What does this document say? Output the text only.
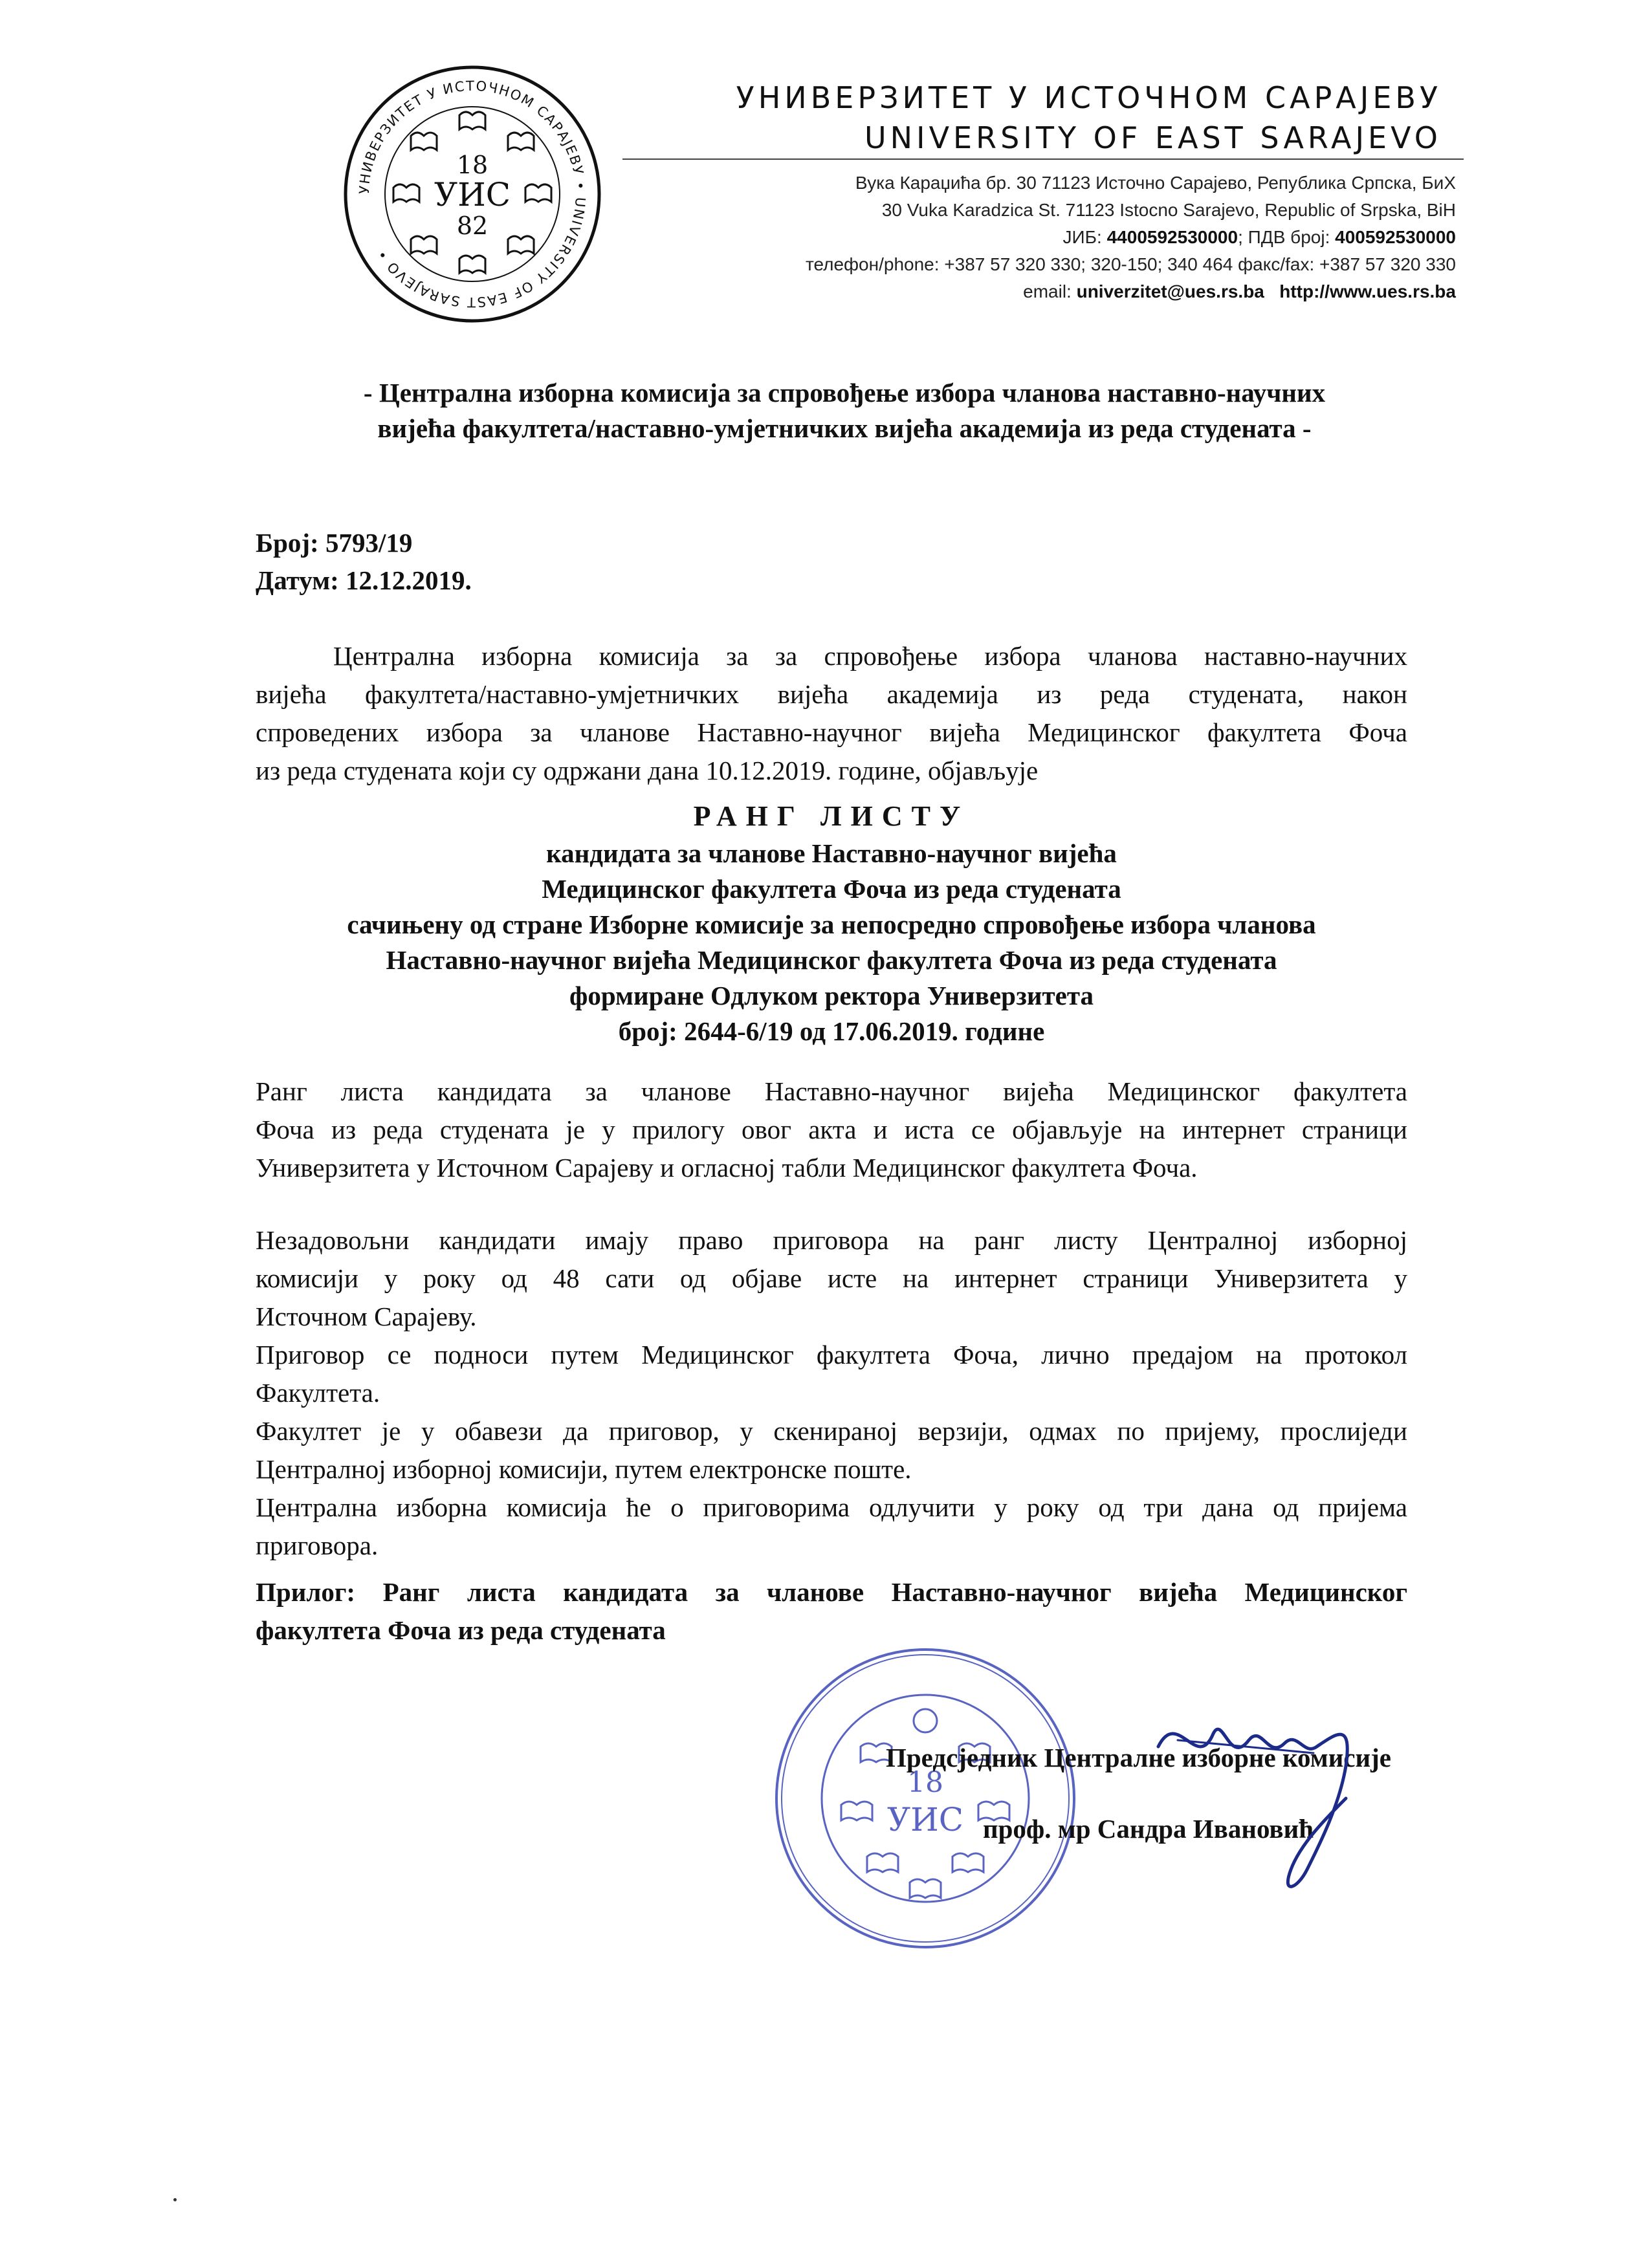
УНИВЕРЗИТЕТ У ИСТОЧНОМ САРАЈЕВУ • UNIVERSITY OF EAST SARAJEVO •
18
УИС
82
УНИВЕРЗИТЕТ У ИСТОЧНОМ САРАЈЕВУ
UNIVERSITY OF EAST SARAJEVO
Вука Караџића бр. 30 71123 Источно Сарајево, Република Српска, БиХ
30 Vuka Karadzica St. 71123 Istocno Sarajevo, Republic of Srpska, BiH
ЈИБ: 4400592530000; ПДВ број: 400592530000
телефон/phone: +387 57 320 330; 320-150; 340 464 факс/fax: +387 57 320 330
email: univerzitet@ues.rs.ba http://www.ues.rs.ba
- Централна изборна комисија за спровођење избора чланова наставно-научних
вијећа факултета/наставно-умјетничких вијећа академија из реда студената -
Број: 5793/19
Датум: 12.12.2019.
Централна изборна комисија за за спровођење избора чланова наставно-научних
вијећа факултета/наставно-умјетничких вијећа академија из реда студената, након
спроведених избора за чланове Наставно-научног вијећа Медицинског факултета Фоча
из реда студената који су одржани дана 10.12.2019. године, објављује
РАНГ ЛИСТУ
кандидата за чланове Наставно-научног вијећа
Медицинског факултета Фоча из реда студената
сачињену од стране Изборне комисије за непосредно спровођење избора чланова
Наставно-научног вијећа Медицинског факултета Фоча из реда студената
формиране Одлуком ректора Универзитета
број: 2644-6/19 од 17.06.2019. године
Ранг листа кандидата за чланове Наставно-научног вијећа Медицинског факултета
Фоча из реда студената је у прилогу овог акта и иста се објављује на интернет страници
Универзитета у Источном Сарајеву и огласној табли Медицинског факултета Фоча.
Незадовољни кандидати имају право приговора на ранг листу Централној изборној
комисији у року од 48 сати од објаве исте на интернет страници Универзитета у
Источном Сарајеву.
Приговор се подноси путем Медицинског факултета Фоча, лично предајом на протокол
Факултета.
Факултет је у обавези да приговор, у скенираној верзији, одмах по пријему, прослиједи
Централној изборној комисији, путем електронске поште.
Централна изборна комисија ће о приговорима одлучити у року од три дана од пријема
приговора.
Прилог: Ранг листа кандидата за чланове Наставно-научног вијећа Медицинског
факултета Фоча из реда студената
18
УИС
Предсједник Централне изборне комисије
проф. мр Сандра Ивановић
